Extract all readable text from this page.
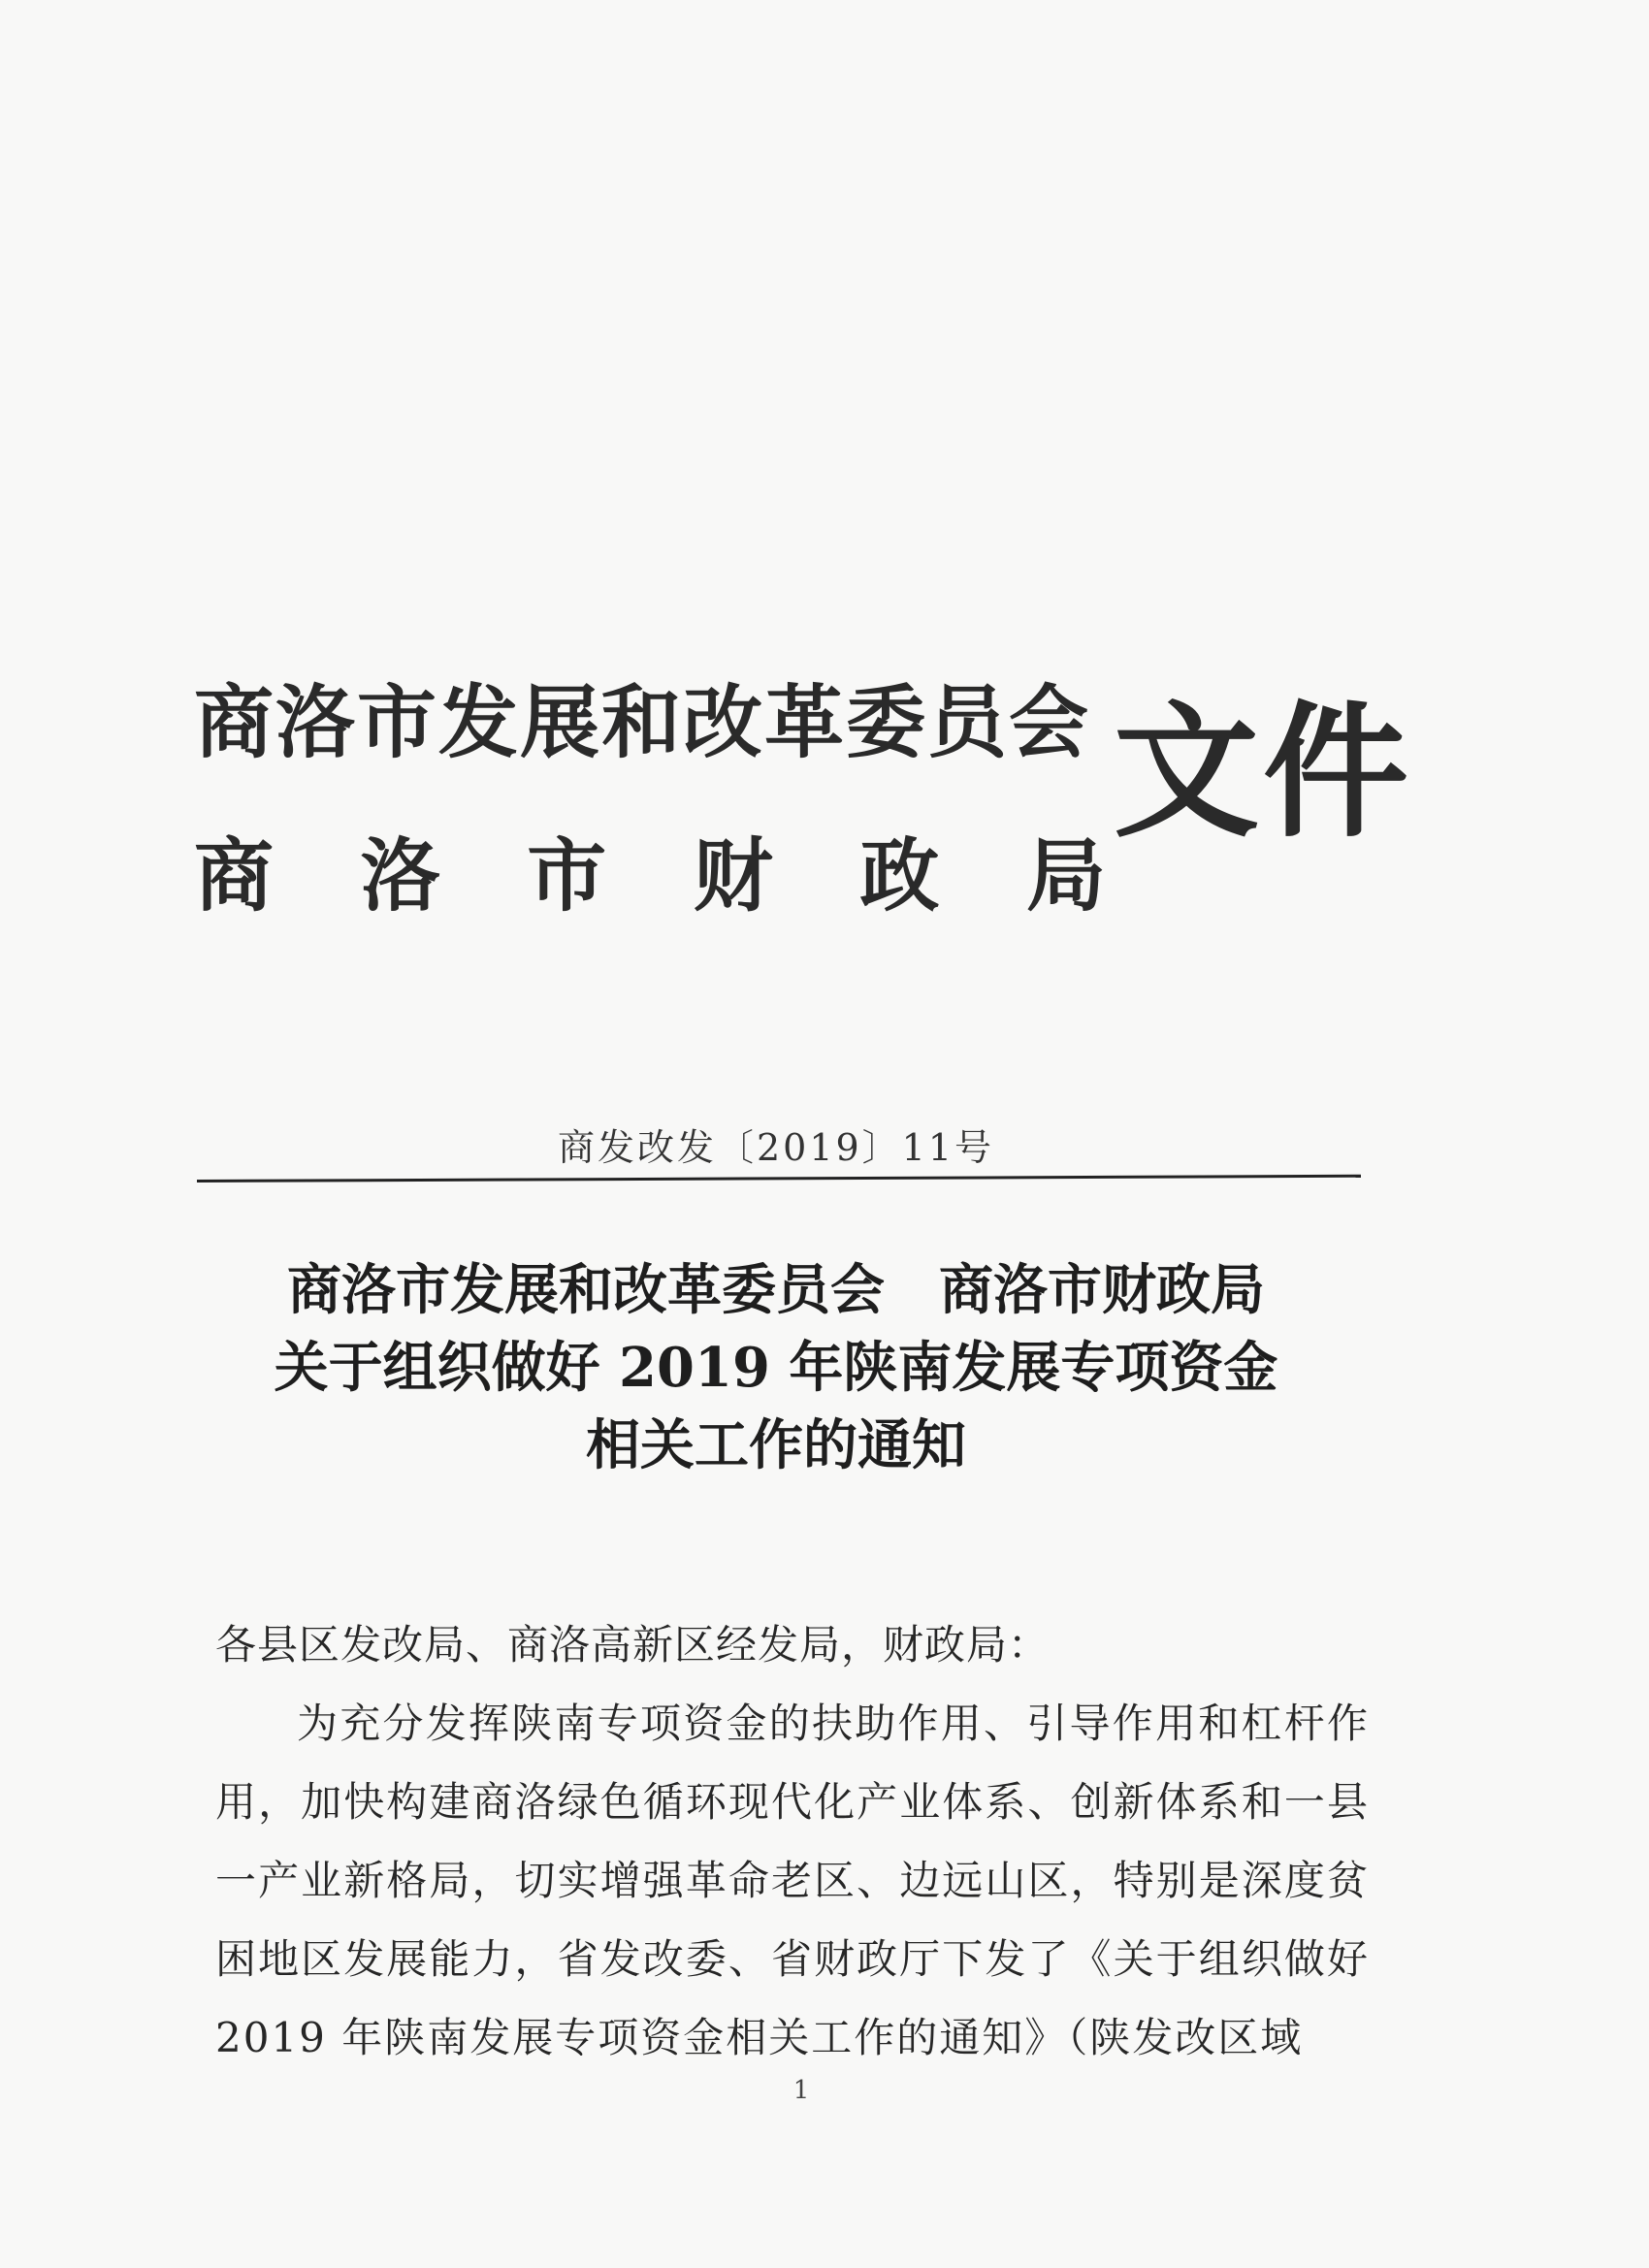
商洛市发展和改革委员会
商 洛 市 财 政 局
文件
商发改发〔2019〕11号
商洛市发展和改革委员会　商洛市财政局
关于组织做好 2019 年陕南发展专项资金
相关工作的通知
各县区发改局、商洛高新区经发局，财政局：
为充分发挥陕南专项资金的扶助作用、引导作用和杠杆作用，加快构建商洛绿色循环现代化产业体系、创新体系和一县一产业新格局，切实增强革命老区、边远山区，特别是深度贫困地区发展能力，省发改委、省财政厅下发了《关于组织做好2019 年陕南发展专项资金相关工作的通知》（陕发改区域
1
